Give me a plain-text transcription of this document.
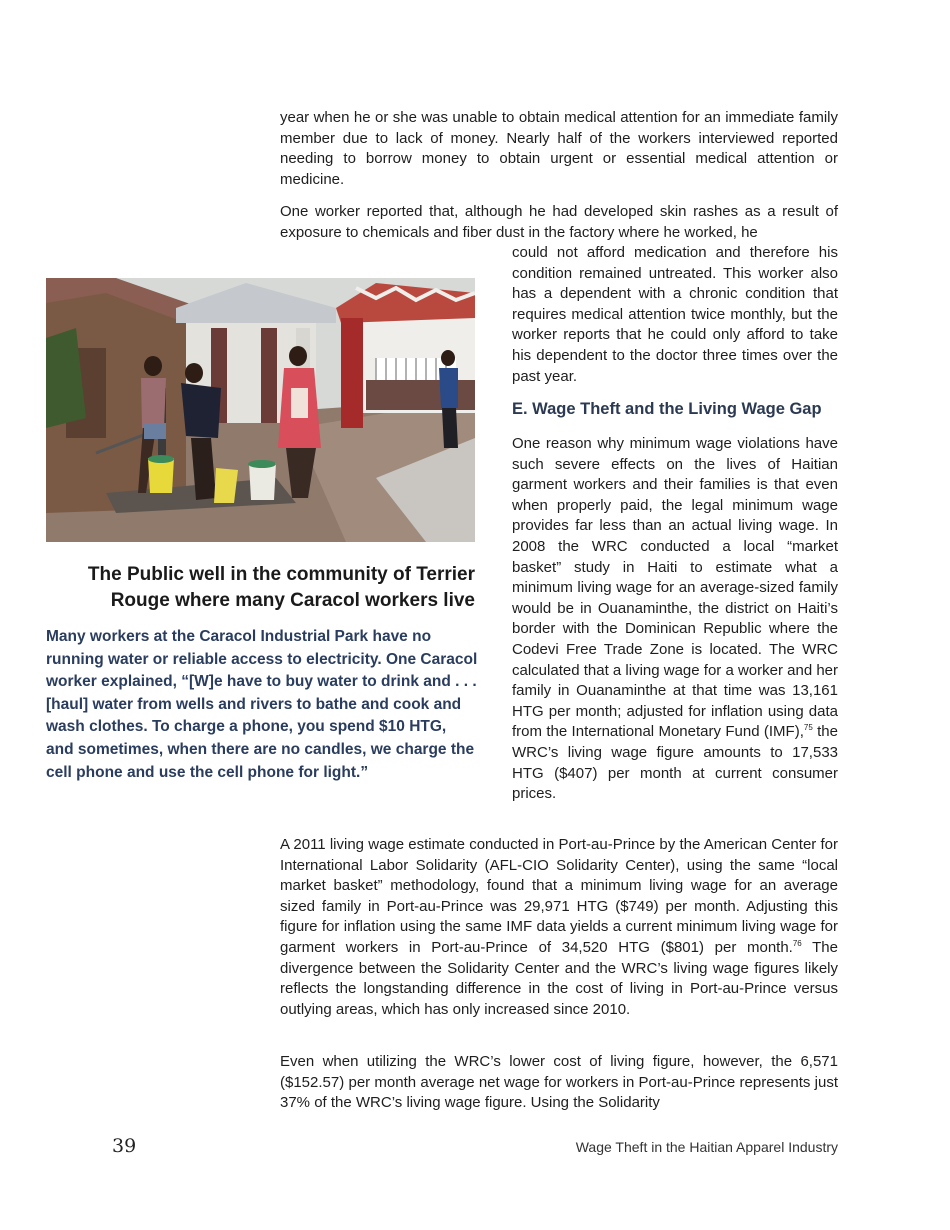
year when he or she was unable to obtain medical attention for an immediate family member due to lack of money. Nearly half of the workers interviewed reported needing to borrow money to obtain urgent or essential medical attention or medicine.

One worker reported that, although he had developed skin rashes as a result of exposure to chemicals and fiber dust in the factory where he worked, he

could not afford medication and therefore his condition remained untreated. This worker also has a dependent with a chronic condition that requires medical attention twice monthly, but the worker reports that he could only afford to take his dependent to the doctor three times over the past year.

E. Wage Theft and the Living Wage Gap

One reason why minimum wage violations have such severe effects on the lives of Haitian garment workers and their families is that even when properly paid, the legal minimum wage provides far less than an actual living wage. In 2008 the WRC conducted a local “market basket” study in Haiti to estimate what a minimum living wage for an average-sized family would be in Ouanaminthe, the district on Haiti’s border with the Dominican Republic where the Codevi Free Trade Zone is located. The WRC calculated that a living wage for a worker and her family in Ouanaminthe at that time was 13,161 HTG per month; adjusted for inflation using data from the International Monetary Fund (IMF),$^{75}$ the WRC’s living wage figure amounts to 17,533 HTG ($407) per month at current consumer prices.

A 2011 living wage estimate conducted in Port-au-Prince by the American Center for International Labor Solidarity (AFL-CIO Solidarity Center), using the same “local market basket” methodology, found that a minimum living wage for an average sized family in Port-au-Prince was 29,971 HTG ($749) per month. Adjusting this figure for inflation using the same IMF data yields a current minimum living wage for garment workers in Port-au-Prince of 34,520 HTG ($801) per month.$^{76}$ The divergence between the Solidarity Center and the WRC’s living wage figures likely reflects the longstanding difference in the cost of living in Port-au-Prince versus outlying areas, which has only increased since 2010.

Even when utilizing the WRC’s lower cost of living figure, however, the 6,571 ($152.57) per month average net wage for workers in Port-au-Prince represents just 37% of the WRC’s living wage figure. Using the Solidarity

The Public well in the community of Terrier Rouge where many Caracol workers live
Many workers at the Caracol Industrial Park have no running water or reliable access to electricity. One Caracol worker explained, “[W]e have to buy water to drink and . . . [haul] water from wells and rivers to bathe and cook and wash clothes. To charge a phone, you spend $10 HTG, and sometimes, when there are no candles, we charge the cell phone and use the cell phone for light.”
39	Wage Theft in the Haitian Apparel Industry
